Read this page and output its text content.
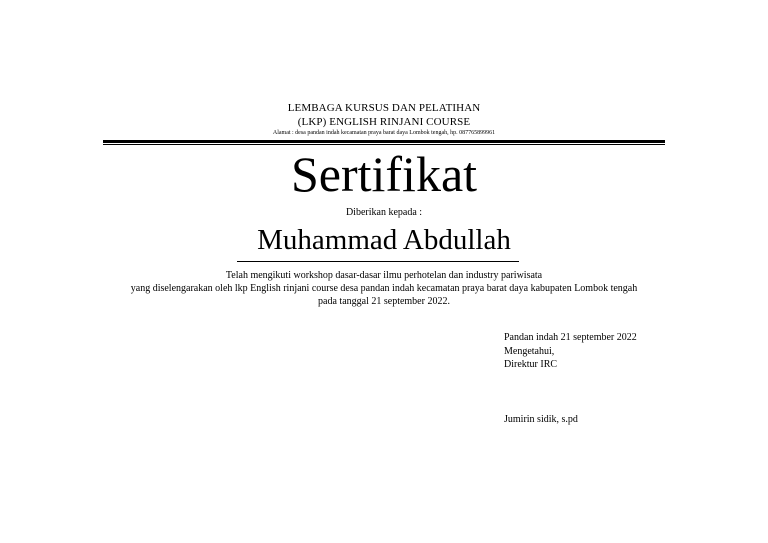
LEMBAGA KURSUS DAN PELATIHAN
(LKP) ENGLISH RINJANI COURSE
Alamat : desa pandan indah kecamatan praya barat daya Lombok tengah, hp. 087765899961
Sertifikat
Diberikan kepada :
Muhammad Abdullah
Telah mengikuti workshop dasar-dasar ilmu perhotelan dan industry pariwisata
yang diselengarakan oleh lkp English rinjani course desa pandan indah kecamatan praya barat daya kabupaten Lombok tengah
pada tanggal 21 september 2022.
Pandan indah 21 september 2022
Mengetahui,
Direktur IRC
Jumirin sidik, s.pd
